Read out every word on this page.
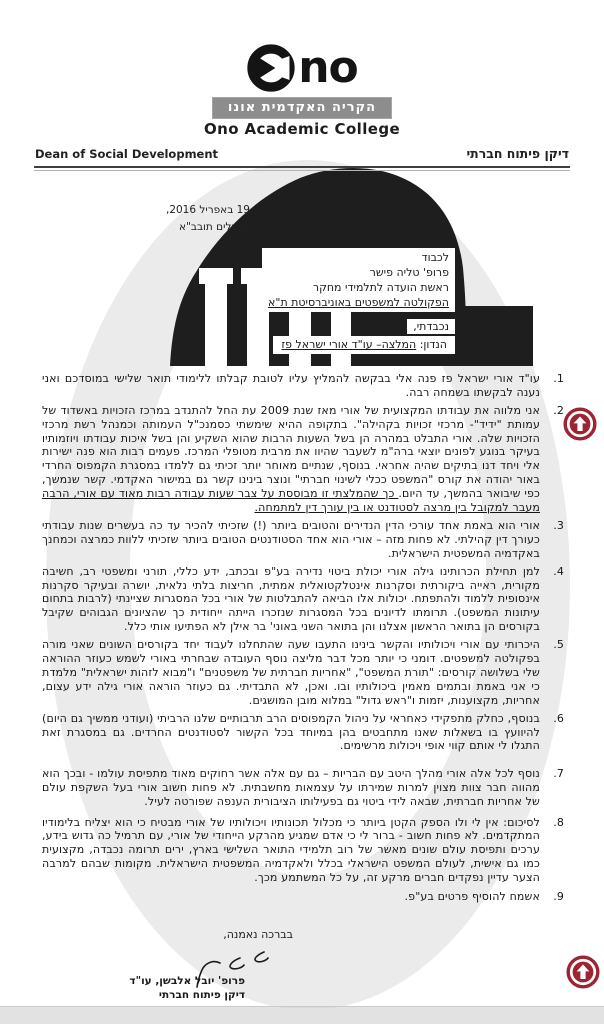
no
הקריה האקדמית אונו
Ono Academic College
Dean of Social Development	דיקן פיתוח חברתי
19 באפריל 2016,
ירושלים תובב"א
לכבוד
פרופ' טליה פישר
ראשת הועדה לתלמידי מחקר
הפקולטה למשפטים באוניברסיטת ת"א
נכבדתי,
הנדון: המלצה– עו"ד אורי ישראל פז
1.
עו"ד אורי ישראל פז פנה אלי בבקשה להמליץ עליו לטובת קבלתו ללימודי תואר שלישי במוסדכם ואני נענה לבקשתו בשמחה רבה.
2.
אני מלווה את עבודתו המקצועית של אורי מאז שנת 2009 עת החל להתנדב במרכז הזכויות באשדוד של עמותת "ידיד"- מרכזי זכויות בקהילה". בתקופה ההיא שימשתי כסמנכ"ל העמותה וכמנהל רשת מרכזי הזכויות שלה. אורי התבלט במהרה הן בשל השעות הרבות שהוא השקיע והן בשל איכות עבודתו ויוזמותיו בעיקר בנוגע לפונים יוצאי ברה"מ לשעבר שהיוו את מרבית מטופלי המרכז. פעמים רבות הוא פנה ישירות אלי ויחד דנו בתיקים שהיה אחראי. בנוסף, שנתיים מאוחר יותר זכיתי גם ללמדו במסגרת הקמפוס החרדי באור יהודה את קורס "המשפט ככלי לשינוי חברתי" ונוצר בינינו קשר גם במישור האקדמי. קשר שנמשך, כפי שיבואר בהמשך, עד היום. כך שהמלצתי זו מבוססת על צבר שעות עבודה רבות מאוד עם אורי, הרבה מעבר למקובל בין מרצה לסטודנט או בין עורך דין למתמחה.
3.
אורי הוא באמת אחד עורכי הדין הנדירים והטובים ביותר (!) שזכיתי להכיר עד כה בעשרים שנות עבודתי כעורך דין קהילתי. לא פחות מזה – אורי הוא אחד הסטודנטים הטובים ביותר שזכיתי ללוות כמרצה וכמחנך באקדמיה המשפטית הישראלית.
4.
למן תחילת הכרותינו גילה אורי יכולת ביטוי נדירה בע"פ ובכתב, ידע כללי, תורני ומשפטי רב, חשיבה מקורית, ראייה ביקורתית וסקרנות אינטלקטואלית אמתית, חריצות בלתי נלאית, יושרה ובעיקר סקרנות אינסופית ללמוד ולהתפתח. יכולות אלו הביאה להתבלטות של אורי בכל המסגרות שציינתי (לרבות בתחום עיתונות המשפט). תרומתו לדיונים בכל המסגרות שנזכרו הייתה ייחודית כך שהציונים הגבוהים שקיבל בקורסים הן בתואר הראשון אצלנו והן בתואר השני באוני' בר אילן לא הפתיעו אותי כלל.
5.
היכרותי עם אורי ויכולותיו והקשר בינינו התעבו שעה שהתחלנו לעבוד יחד בקורסים השונים שאני מורה בפקולטה למשפטים. דומני כי יותר מכל דבר מליצה נוסף העובדה שבחרתי באורי לשמש כעוזר ההוראה שלי בשלושה קורסים: "תורת המשפט", "אחריות חברתית של משפטנים" ו"מבוא לזהות ישראלית" מלמדת כי אני באמת ובתמים מאמין ביכולותיו ובו. ואכן, לא התבדיתי. גם כעוזר הוראה אורי גילה ידע עצום, אחריות, מקצוענות, יזמות ו"ראש גדול" במלוא מובן המושגים.
6.
בנוסף, כחלק מתפקידי כאחראי על ניהול הקמפוסים הרב תרבותיים שלנו הרביתי (ועודני ממשיך גם היום) להיוועץ בו בשאלות שאנו מתחבטים בהן במיוחד בכל הקשור לסטודנטים החרדים. גם במסגרת זאת התגלו לי אותם קווי אופי ויכולות מרשימים.
7.
נוסף לכל אלה אורי מהלך היטב עם הבריות – גם עם אלה אשר רחוקים מאוד מתפיסת עולמו - ובכך הוא מהווה חבר צוות מצוין למרות שמירתו על עצמאות מחשבתית. לא פחות חשוב אורי בעל השקפת עולם של אחריות חברתית, שבאה לידי ביטוי גם בפעילותו הציבורית הענפה שפורטה לעיל.
8.
לסיכום: אין לי ולו הספק הקטן ביותר כי מכלול תכונותיו ויכולותיו של אורי מבטיח כי הוא יצליח בלימודיו המתקדמים. לא פחות חשוב - ברור לי כי אדם שמגיע מהרקע הייחודי של אורי, עם תרמיל כה גדוש בידע, ערכים ותפיסת עולם שונים מאשר של רוב תלמידי התואר השלישי בארץ, ירים תרומה נכבדה, מקצועית כמו גם אישית, לעולם המשפט הישראלי בכלל ולאקדמיה המשפטית הישראלית. מקומות שבהם למרבה הצער עדיין נפקדים חברים מרקע זה, על כל המשתמע מכך.
9.
אשמח להוסיף פרטים בע"פ.
בברכה נאמנה,
פרופ' יובל אלבשן, עו"ד
דיקן פיתוח חברתי
